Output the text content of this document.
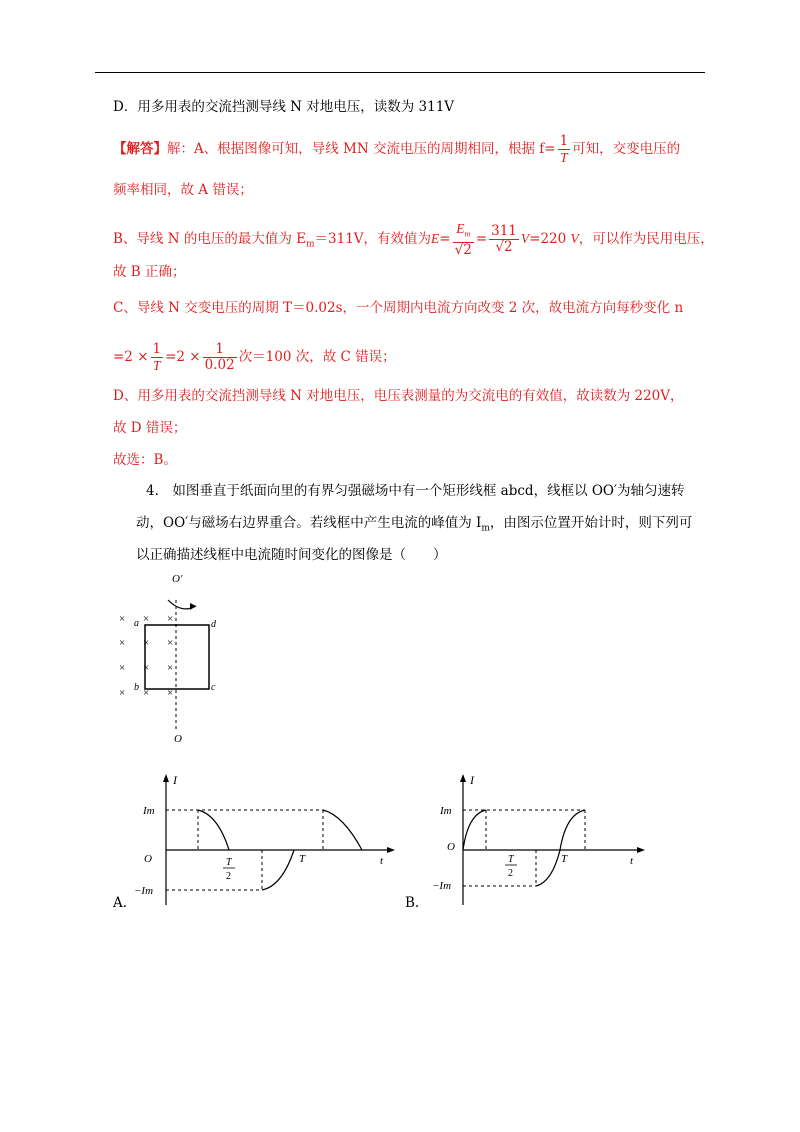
D．用多用表的交流挡测导线 N 对地电压，读数为 311V
【解答】解：A、根据图像可知，导线 MN 交流电压的周期相同，根据 $f= \frac{1}{T}$ 可知，交变电压的
频率相同，故 A 错误；
B、导线 N 的电压的最大值为 $E_m=311V$，有效值为$E= \frac{E_m}{√2} = \frac{311}{√2} V=220$ V，可以作为民用电压，
故 B 正确；
C、导线 N 交变电压的周期 T＝0.02s，一个周期内电流方向改变 2 次，故电流方向每秒变化 n
$=2 \times \frac{1}{T} =2 \times \frac{1}{0.02}$ 次＝100 次，故 C 错误；
D、用多用表的交流挡测导线 N 对地电压，电压表测量的为交流电的有效值，故读数为 220V，
故 D 错误；
故选：B。
4.　如图垂直于纸面向里的有界匀强磁场中有一个矩形线框 abcd，线框以 OO′为轴匀速转
动，OO′与磁场右边界重合。若线框中产生电流的峰值为 $I_m$，由图示位置开始计时，则下列可
以正确描述线框中电流随时间变化的图像是（　　）
O′
O
a
b	c
d
× × ×
× × ×
× × ×
× × ×
I
t
O
Im
−Im
T
2
T
A.
I
t
O
Im
−Im
T
2
T
B.
